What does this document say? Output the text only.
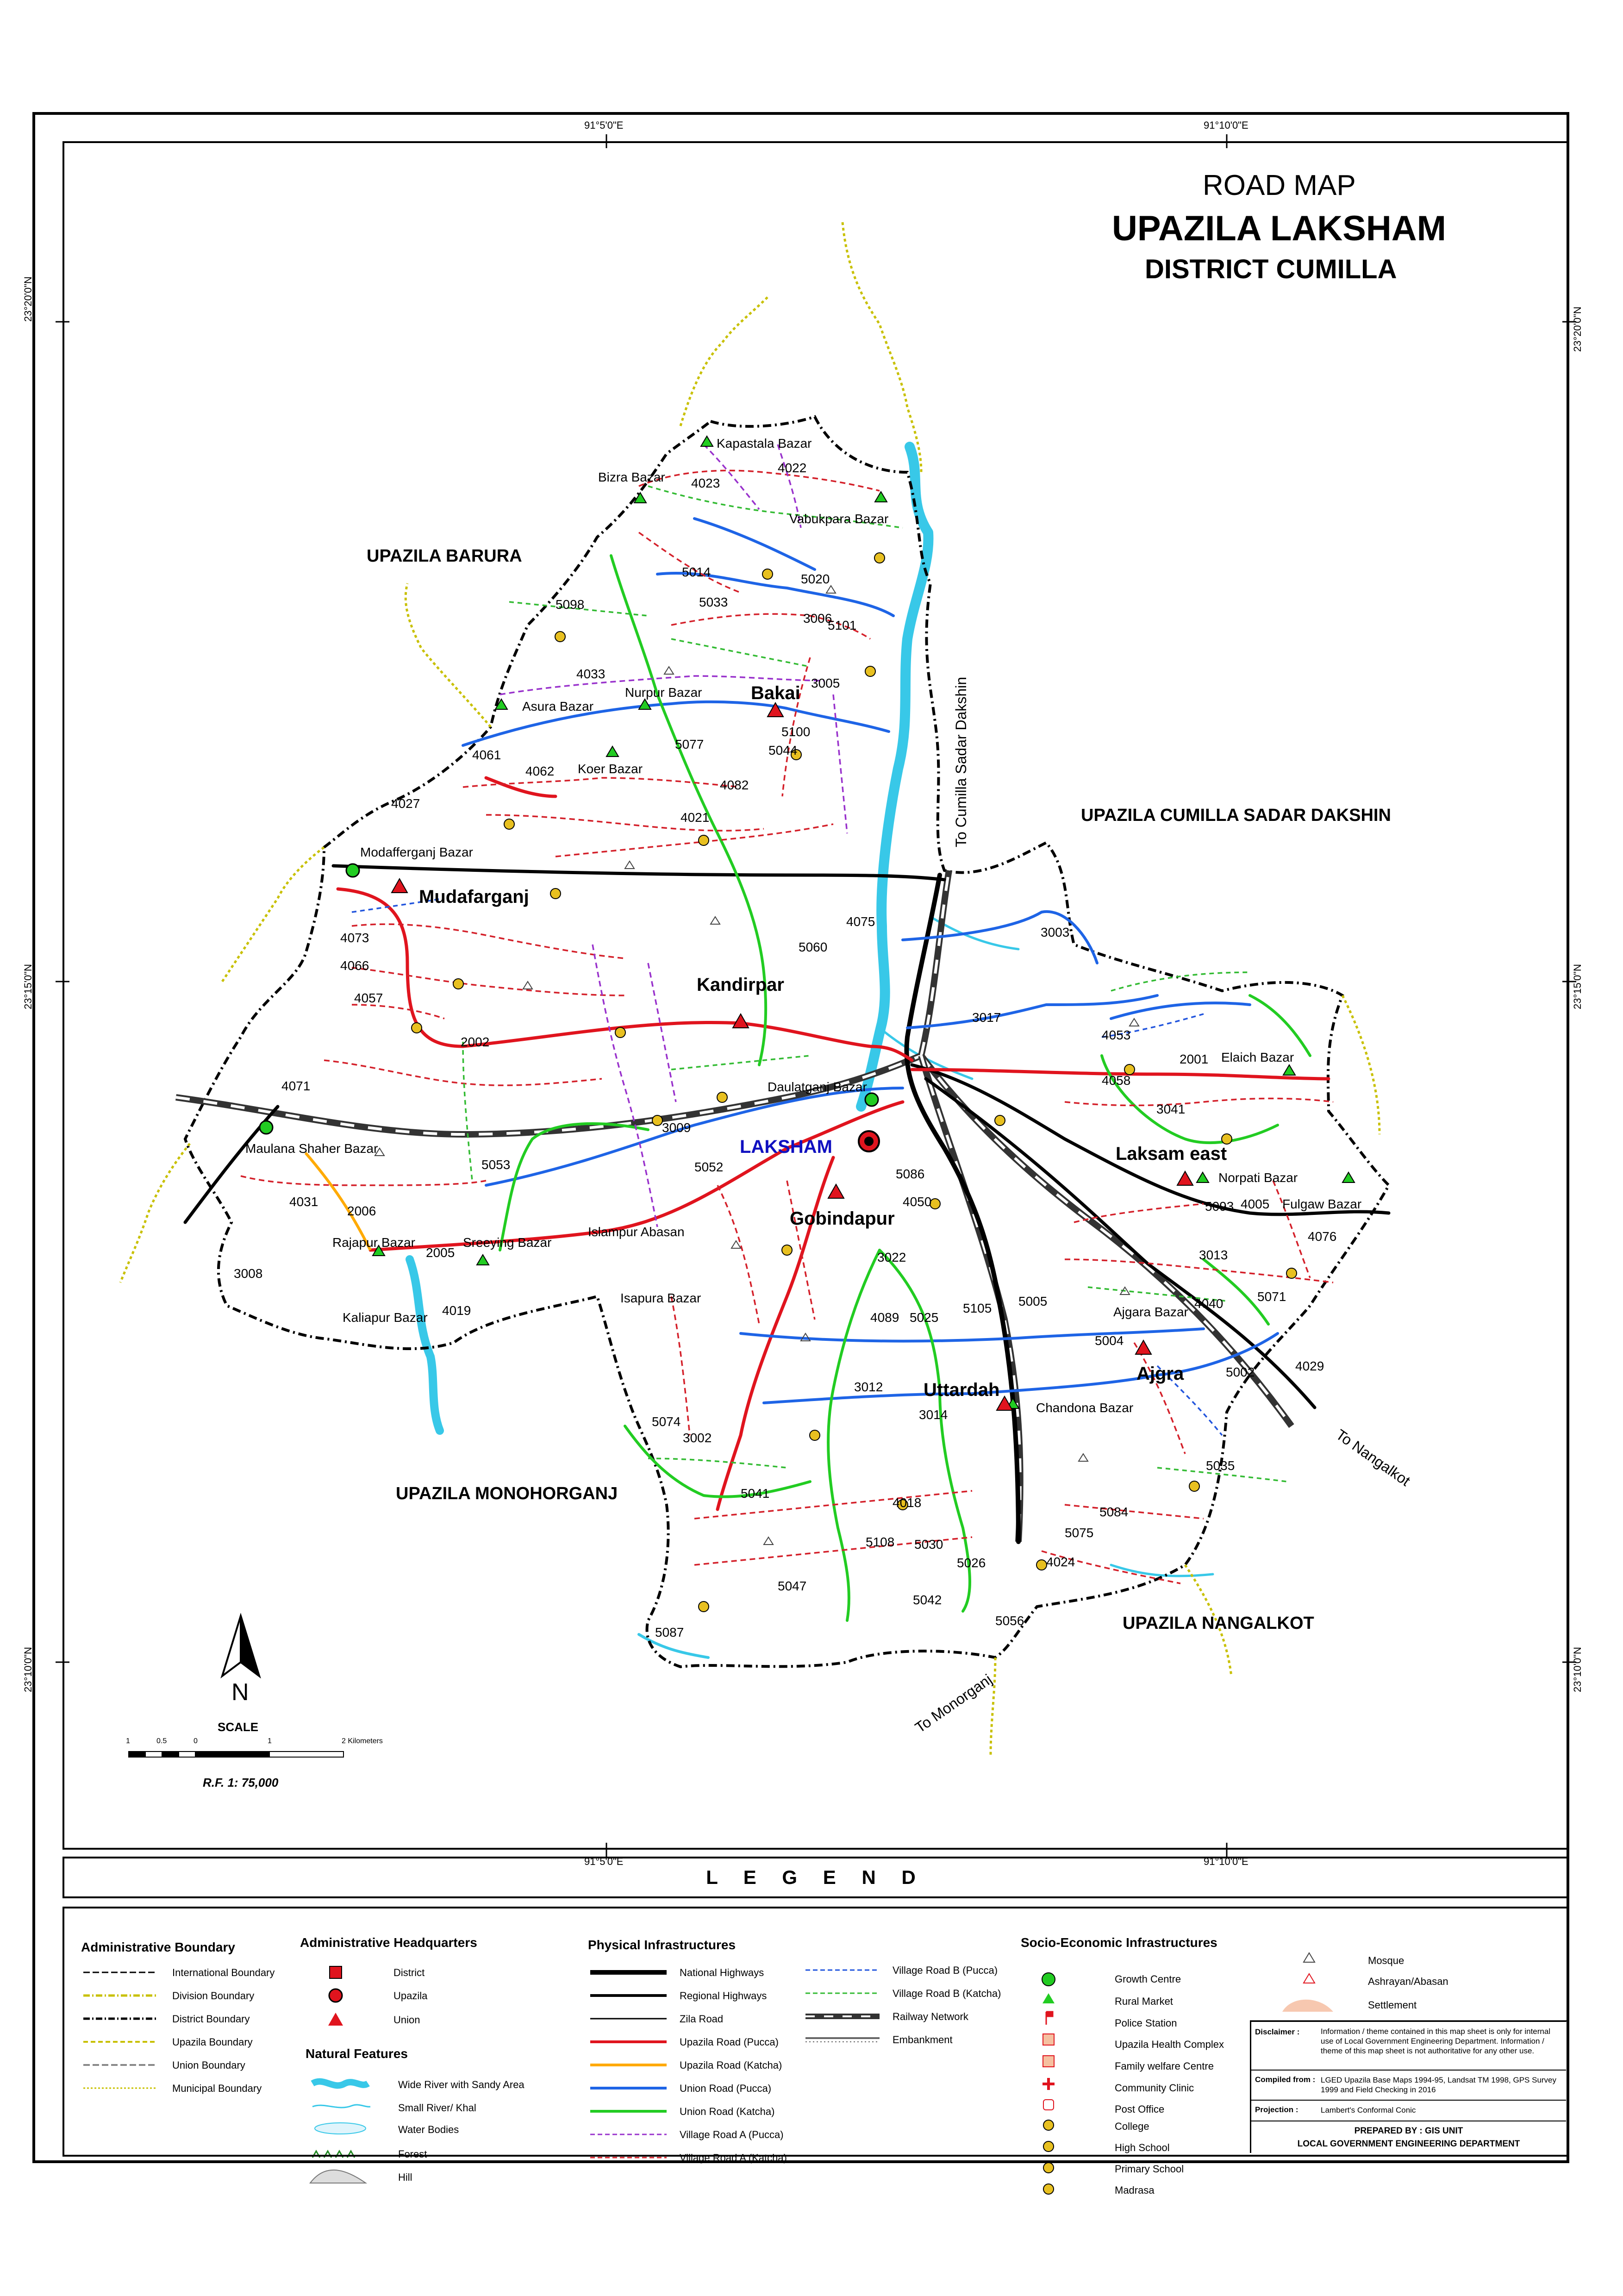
91°5'0"E	91°10'0"E
91°5'0"E	91°10'0"E
23°20'0"N
23°20'0"N
23°15'0"N	23°15'0"N
23°10'0"N	23°10'0"N
ROAD MAP
UPAZILA LAKSHAM
DISTRICT CUMILLA
UPAZILA BARURA
UPAZILA CUMILLA SADAR DAKSHIN
UPAZILA MONOHORGANJ
UPAZILA NANGALKOT
LAKSHAM
Bakai
Mudafarganj
Kandirpar
Gobindapur
Uttardah
Ajgra
Laksam east
Kapastala Bazar
Bizra Bazar
Vabukpara Bazar
Asura Bazar
Nurpur Bazar
Koer Bazar
Modafferganj Bazar
Daulatganj Bazar
Elaich Bazar
Maulana Shaher Bazar
Rajapur Bazar	Sreeying Bazar
Islampur Abasan
Kaliapur Bazar
Isapura Bazar
Norpati Bazar
Fulgaw Bazar
Ajgara Bazar
Chandona Bazar
To Cumilla Sadar Dakshin
To Nangalkot
To Monorganj
4023
4022
5020
5014
5033
5101
5098
3006
4033
3005
5077	5044
5100
4061
4062
4082
4021
4027
4073
4066
4057
4075
5060
3017
3003
4053
2001
4058
3041
2002
4071
4031
2006
3008
2005
4019
5053
3009
5052
4050
5086
3022
4089 5025
5105 5005
3013
4040	5071
5004
3012
3014
5002	4029
4018
5030
5026
5042
5108
5041
5047
5035
5084
5075
4024
3002
5074
5087
5056
4005
5093
4076
N
SCALE
1	0.5	0	1	2 Kilometers
R.F. 1: 75,000
L E G E N D
Administrative Boundary
International Boundary
Division Boundary
District Boundary
Upazila Boundary
Union Boundary
Municipal Boundary
Administrative Headquarters
District
Upazila
Union
Natural Features
Wide River with Sandy Area
Small River/ Khal
Water Bodies
Forest
Hill
Physical Infrastructures
National Highways
Regional Highways
Zila Road
Upazila Road (Pucca)
Upazila Road (Katcha)
Union Road (Pucca)
Union Road (Katcha)
Village Road A (Pucca)
Village Road A (Katcha)
Village Road B (Pucca)
Village Road B (Katcha)
Railway Network
Embankment
Socio-Economic Infrastructures
Growth Centre
Rural Market
Police Station
Upazila Health Complex
Family welfare Centre
Community Clinic
Post Office
College
High School
Primary School
Madrasa
Mosque
Ashrayan/Abasan
Settlement
Disclaimer :	Information / theme contained in this map sheet is only for internal use of Local Government Engineering Department. Information / theme of this map sheet is not authoritative for any other use.
Compiled from : LGED Upazila Base Maps 1994-95, Landsat TM 1998, GPS Survey 1999 and Field Checking in 2016
Projection :	Lambert's Conformal Conic
PREPARED BY : GIS UNIT
LOCAL GOVERNMENT ENGINEERING DEPARTMENT
